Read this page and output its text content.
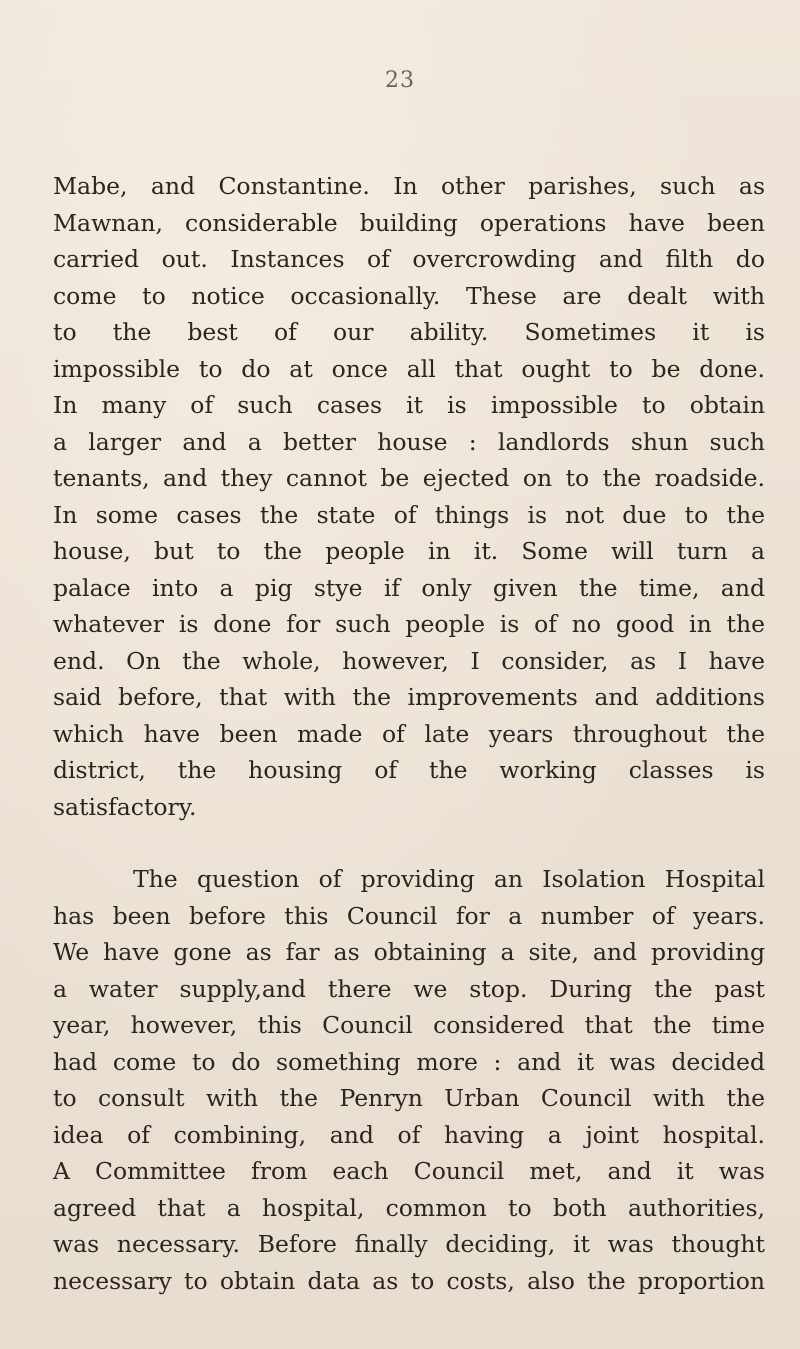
23
Mabe, and Constantine. In other parishes, such as
Mawnan, considerable building operations have been
carried out. Instances of overcrowding and filth do
come to notice occasionally. These are dealt with
to the best of our ability. Sometimes it is
impossible to do at once all that ought to be done.
In many of such cases it is impossible to obtain
a larger and a better house : landlords shun such
tenants, and they cannot be ejected on to the roadside.
In some cases the state of things is not due to the
house, but to the people in it. Some will turn a
palace into a pig stye if only given the time, and
whatever is done for such people is of no good in the
end. On the whole, however, I consider, as I have
said before, that with the improvements and additions
which have been made of late years throughout the
district, the housing of the working classes is
satisfactory.
The question of providing an Isolation Hospital
has been before this Council for a number of years.
We have gone as far as obtaining a site, and providing
a water supply,and there we stop. During the past
year, however, this Council considered that the time
had come to do something more : and it was decided
to consult with the Penryn Urban Council with the
idea of combining, and of having a joint hospital.
A Committee from each Council met, and it was
agreed that a hospital, common to both authorities,
was necessary. Before finally deciding, it was thought
necessary to obtain data as to costs, also the proportion
